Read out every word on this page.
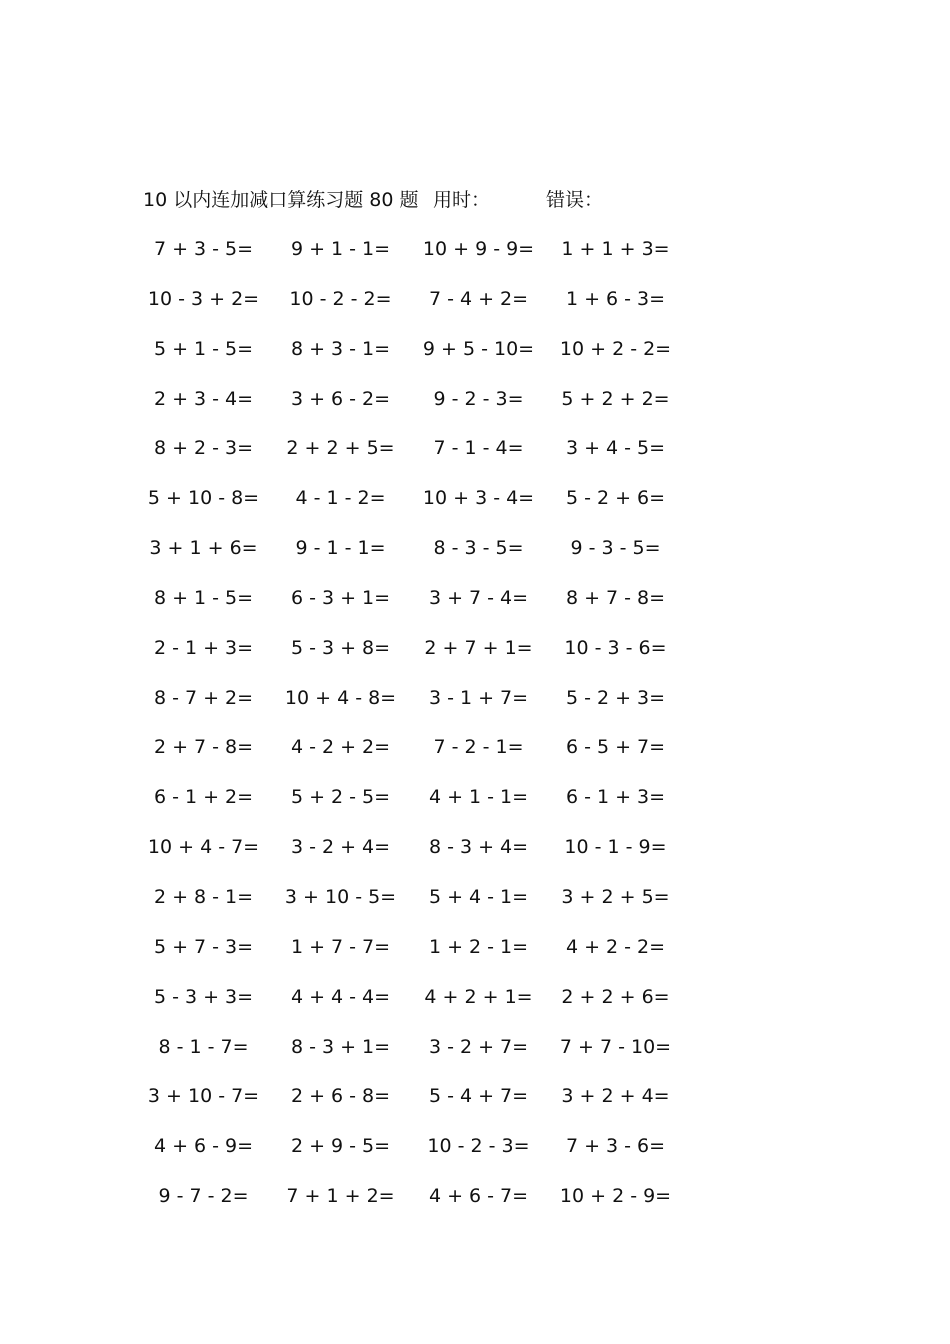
10 以内连加减口算练习题 80 题 用时：	错误：
7 + 3 - 5=	9 + 1 - 1=	10 + 9 - 9=	1 + 1 + 3=
10 - 3 + 2=	10 - 2 - 2=	7 - 4 + 2=	1 + 6 - 3=
5 + 1 - 5=	8 + 3 - 1=	9 + 5 - 10=	10 + 2 - 2=
2 + 3 - 4=	3 + 6 - 2=	9 - 2 - 3=	5 + 2 + 2=
8 + 2 - 3=	2 + 2 + 5=	7 - 1 - 4=	3 + 4 - 5=
5 + 10 - 8=	4 - 1 - 2=	10 + 3 - 4=	5 - 2 + 6=
3 + 1 + 6=	9 - 1 - 1=	8 - 3 - 5=	9 - 3 - 5=
8 + 1 - 5=	6 - 3 + 1=	3 + 7 - 4=	8 + 7 - 8=
2 - 1 + 3=	5 - 3 + 8=	2 + 7 + 1=	10 - 3 - 6=
8 - 7 + 2=	10 + 4 - 8=	3 - 1 + 7=	5 - 2 + 3=
2 + 7 - 8=	4 - 2 + 2=	7 - 2 - 1=	6 - 5 + 7=
6 - 1 + 2=	5 + 2 - 5=	4 + 1 - 1=	6 - 1 + 3=
10 + 4 - 7=	3 - 2 + 4=	8 - 3 + 4=	10 - 1 - 9=
2 + 8 - 1=	3 + 10 - 5=	5 + 4 - 1=	3 + 2 + 5=
5 + 7 - 3=	1 + 7 - 7=	1 + 2 - 1=	4 + 2 - 2=
5 - 3 + 3=	4 + 4 - 4=	4 + 2 + 1=	2 + 2 + 6=
8 - 1 - 7=	8 - 3 + 1=	3 - 2 + 7=	7 + 7 - 10=
3 + 10 - 7=	2 + 6 - 8=	5 - 4 + 7=	3 + 2 + 4=
4 + 6 - 9=	2 + 9 - 5=	10 - 2 - 3=	7 + 3 - 6=
9 - 7 - 2=	7 + 1 + 2=	4 + 6 - 7=	10 + 2 - 9=
